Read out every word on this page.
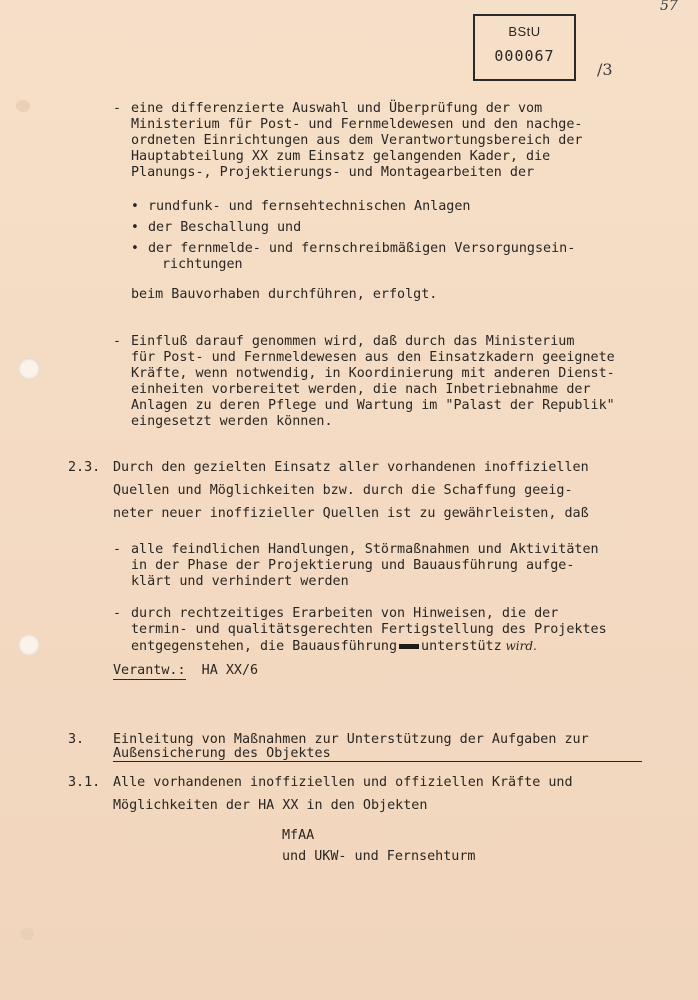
BStU
000067
57
/3
- eine differenzierte Auswahl und Überprüfung der vom
Ministerium für Post- und Fernmeldewesen und den nachge-
ordneten Einrichtungen aus dem Verantwortungsbereich der
Hauptabteilung XX zum Einsatz gelangenden Kader, die
Planungs-, Projektierungs- und Montagearbeiten der
• rundfunk- und fernsehtechnischen Anlagen
• der Beschallung und
• der fernmelde- und fernschreibmäßigen Versorgungsein-
richtungen
beim Bauvorhaben durchführen, erfolgt.
- Einfluß darauf genommen wird, daß durch das Ministerium
für Post- und Fernmeldewesen aus den Einsatzkadern geeignete
Kräfte, wenn notwendig, in Koordinierung mit anderen Dienst-
einheiten vorbereitet werden, die nach Inbetriebnahme der
Anlagen zu deren Pflege und Wartung im "Palast der Republik"
eingesetzt werden können.
2.3. Durch den gezielten Einsatz aller vorhandenen inoffiziellen
Quellen und Möglichkeiten bzw. durch die Schaffung geeig-
neter neuer inoffizieller Quellen ist zu gewährleisten, daß
- alle feindlichen Handlungen, Störmaßnahmen und Aktivitäten
in der Phase der Projektierung und Bauausführung aufge-
klärt und verhindert werden
- durch rechtzeitiges Erarbeiten von Hinweisen, die der
termin- und qualitätsgerechten Fertigstellung des Projektes
entgegenstehen, die Bauausführung unterstütz wird.
Verantw.:  HA XX/6
3. Einleitung von Maßnahmen zur Unterstützung der Aufgaben zur
Außensicherung des Objektes
3.1. Alle vorhandenen inoffiziellen und offiziellen Kräfte und
Möglichkeiten der HA XX in den Objekten
MfAA
und UKW- und Fernsehturm
